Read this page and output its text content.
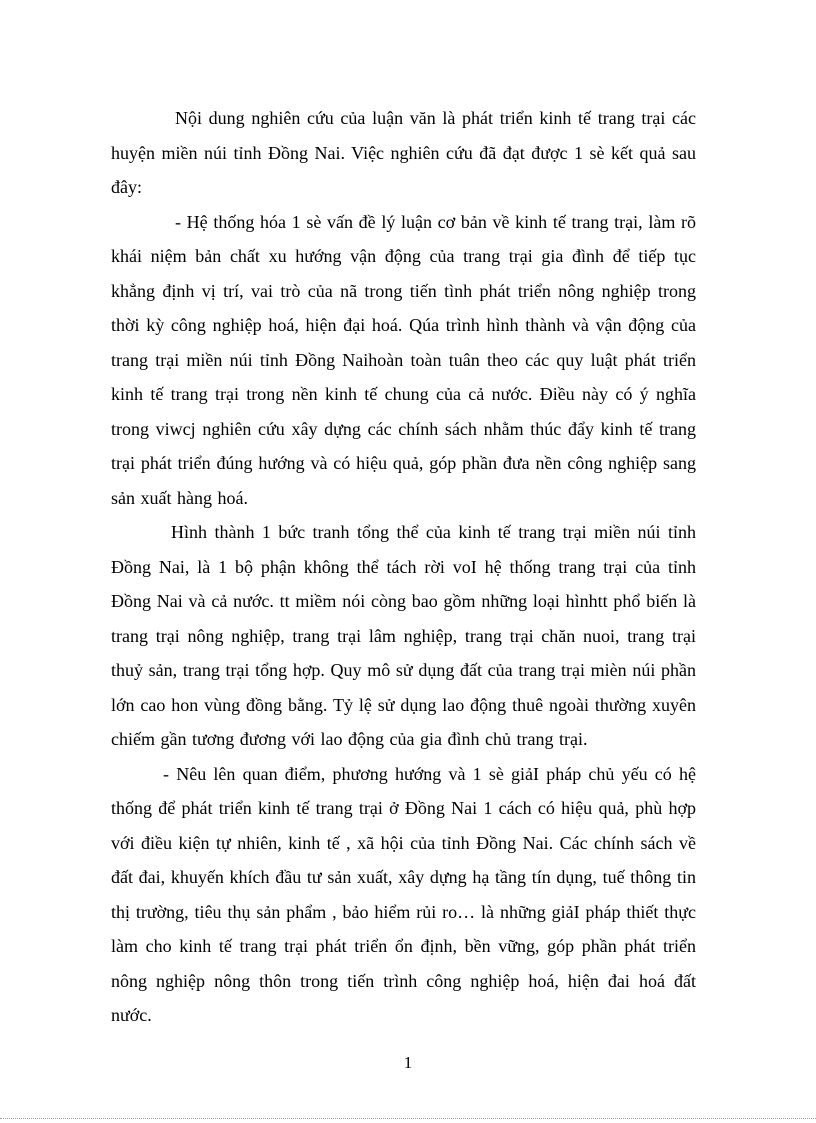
Nội dung nghiên cứu của luận văn là phát triển kinh tế trang trại các huyện miền núi tỉnh Đồng Nai. Việc nghiên cứu đã đạt được 1 sè kết quả sau đây:

- Hệ thống hóa 1 sè vấn đề lý luận cơ bản về kinh tế trang trại, làm rõ khái niệm bản chất xu hướng vận động của trang trại gia đình để tiếp tục khẳng định vị trí, vai trò của nã trong tiến tình phát triển nông nghiệp trong thời kỳ công nghiệp hoá, hiện đại hoá. Qúa trình hình thành và vận động của trang trại miền núi tỉnh Đồng Naihoàn toàn tuân theo các quy luật phát triển kinh tế trang trại trong nền kinh tế chung của cả nước. Điều này có ý nghĩa trong viwcj nghiên cứu xây dựng các chính sách nhằm thúc đẩy kinh tế trang trại phát triển đúng hướng và có hiệu quả, góp phần đưa nền công nghiệp sang sản xuất hàng hoá.

Hình thành 1 bức tranh tổng thể của kinh tế trang trại miền núi tỉnh Đồng Nai, là 1 bộ phận không thể tách rời voI hệ thống trang trại của tỉnh Đồng Nai và cả nước. tt miềm nói còng bao gồm những loại hìnhtt phổ biến là trang trại nông nghiệp, trang trại lâm nghiệp, trang trại chăn nuoi, trang trại thuỷ sản, trang trại tổng hợp. Quy mô sử dụng đất của trang trại mièn núi phần lớn cao hon vùng đồng bằng. Tỷ lệ sử dụng lao động thuê ngoài thường xuyên chiếm gần tương đương với lao động của gia đình chủ trang trại.

- Nêu lên quan điểm, phương hướng và 1 sè giảI pháp chủ yếu có hệ thống để phát triển kinh tế trang trại ở Đồng Nai 1 cách có hiệu quả, phù hợp với điều kiện tự nhiên, kinh tế , xã hội của tỉnh Đồng Nai. Các chính sách về đất đai, khuyến khích đầu tư sản xuất, xây dựng hạ tầng tín dụng, tuế thông tin thị trường, tiêu thụ sản phẩm , bảo hiểm rủi ro… là những giảI pháp thiết thực làm cho kinh tế trang trại phát triển ổn định, bền vững, góp phần phát triển nông nghiệp nông thôn trong tiến trình công nghiệp hoá, hiện đai hoá đất nước.

1
